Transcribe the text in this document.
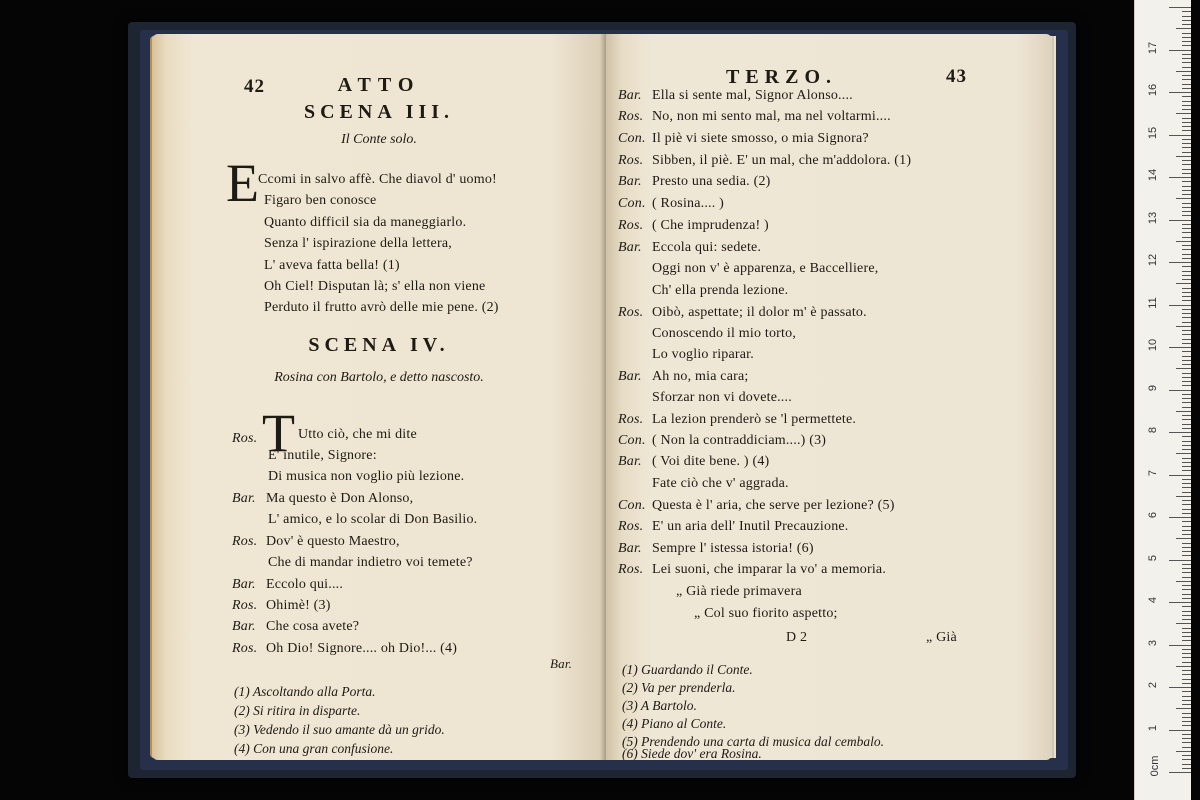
42	ATTO
SCENA III.
Il Conte solo.
E Ccomi in salvo affè. Che diavol d' uomo!
Figaro ben conosce
Quanto difficil sia da maneggiarlo.
Senza l' ispirazione della lettera,
L' aveva fatta bella! (1)
Oh Ciel! Disputan là; s' ella non viene
Perduto il frutto avrò delle mie pene. (2)
SCENA IV.
Rosina con Bartolo, e detto nascosto.
T
Ros.	Utto ciò, che mi dite
E' inutile, Signore:
Di musica non voglio più lezione.
Bar. Ma questo è Don Alonso,
L' amico, e lo scolar di Don Basilio.
Ros. Dov' è questo Maestro,
Che di mandar indietro voi temete?
Bar. Eccolo qui....
Ros. Ohimè! (3)
Bar. Che cosa avete?
Ros. Oh Dio! Signore.... oh Dio!... (4)
Bar.
(1) Ascoltando alla Porta.
(2) Si ritira in disparte.
(3) Vedendo il suo amante dà un grido.
(4) Con una gran confusione.
TERZO.	43
Bar. Ella si sente mal, Signor Alonso....
Ros. No, non mi sento mal, ma nel voltarmi....
Con. Il piè vi siete smosso, o mia Signora?
Ros. Sibben, il piè. E' un mal, che m'addolora. (1)
Bar. Presto una sedia. (2)
Con. ( Rosina.... )
Ros. ( Che imprudenza! )
Bar. Eccola qui: sedete.
Oggi non v' è apparenza, e Baccelliere,
Ch' ella prenda lezione.
Ros. Oibò, aspettate; il dolor m' è passato.
Conoscendo il mio torto,
Lo voglio riparar.
Bar. Ah no, mia cara;
Sforzar non vi dovete....
Ros. La lezion prenderò se 'l permettete.
Con. ( Non la contraddiciam....) (3)
Bar. ( Voi dite bene. ) (4)
Fate ciò che v' aggrada.
Con. Questa è l' aria, che serve per lezione? (5)
Ros. E' un aria dell' Inutil Precauzione.
Bar. Sempre l' istessa istoria! (6)
Ros. Lei suoni, che imparar la vo' a memoria.
„ Già riede primavera
„ Col suo fiorito aspetto;
D 2	„ Già
(1) Guardando il Conte.
(2) Va per prenderla.
(3) A Bartolo.
(4) Piano al Conte.
(5) Prendendo una carta di musica dal cembalo.
(6) Siede dov' era Rosina.
0cm
1
2
3
4
5
6
7
8
9
10
11
12
13
14
15
16
17
